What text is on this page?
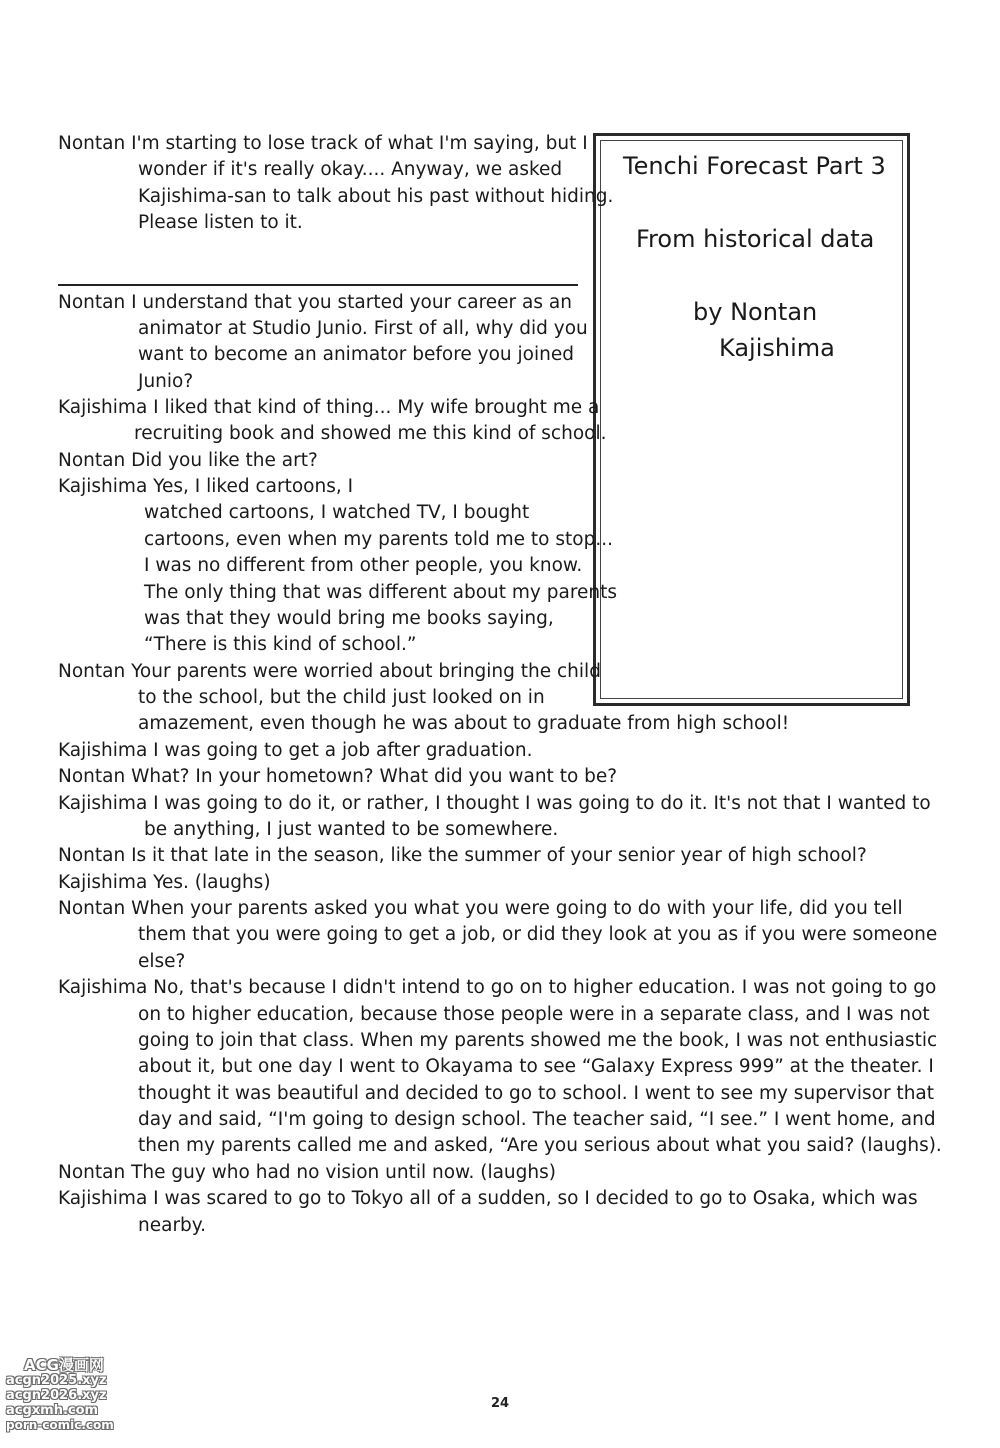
Tenchi Forecast Part 3
From historical data
by Nontan
Kajishima
Nontan I'm starting to lose track of what I'm saying, but I
wonder if it's really okay.... Anyway, we asked
Kajishima-san to talk about his past without hiding.
Please listen to it.
Nontan I understand that you started your career as an
animator at Studio Junio. First of all, why did you
want to become an animator before you joined
Junio?
Kajishima I liked that kind of thing... My wife brought me a
recruiting book and showed me this kind of school.
Nontan Did you like the art?
Kajishima Yes, I liked cartoons, I
watched cartoons, I watched TV, I bought
cartoons, even when my parents told me to stop...
I was no different from other people, you know.
The only thing that was different about my parents
was that they would bring me books saying,
“There is this kind of school.”
Nontan Your parents were worried about bringing the child
to the school, but the child just looked on in
amazement, even though he was about to graduate from high school!
Kajishima I was going to get a job after graduation.
Nontan What? In your hometown? What did you want to be?
Kajishima I was going to do it, or rather, I thought I was going to do it. It's not that I wanted to
be anything, I just wanted to be somewhere.
Nontan Is it that late in the season, like the summer of your senior year of high school?
Kajishima Yes. (laughs)
Nontan When your parents asked you what you were going to do with your life, did you tell
them that you were going to get a job, or did they look at you as if you were someone
else?
Kajishima No, that's because I didn't intend to go on to higher education. I was not going to go
on to higher education, because those people were in a separate class, and I was not
going to join that class. When my parents showed me the book, I was not enthusiastic
about it, but one day I went to Okayama to see “Galaxy Express 999” at the theater. I
thought it was beautiful and decided to go to school. I went to see my supervisor that
day and said, “I'm going to design school. The teacher said, “I see.” I went home, and
then my parents called me and asked, “Are you serious about what you said? (laughs).
Nontan The guy who had no vision until now. (laughs)
Kajishima I was scared to go to Tokyo all of a sudden, so I decided to go to Osaka, which was
nearby.
24
ACG漫画网
acgn2025.xyz
acgn2026.xyz
acgxmh.com
porn-comic.com
